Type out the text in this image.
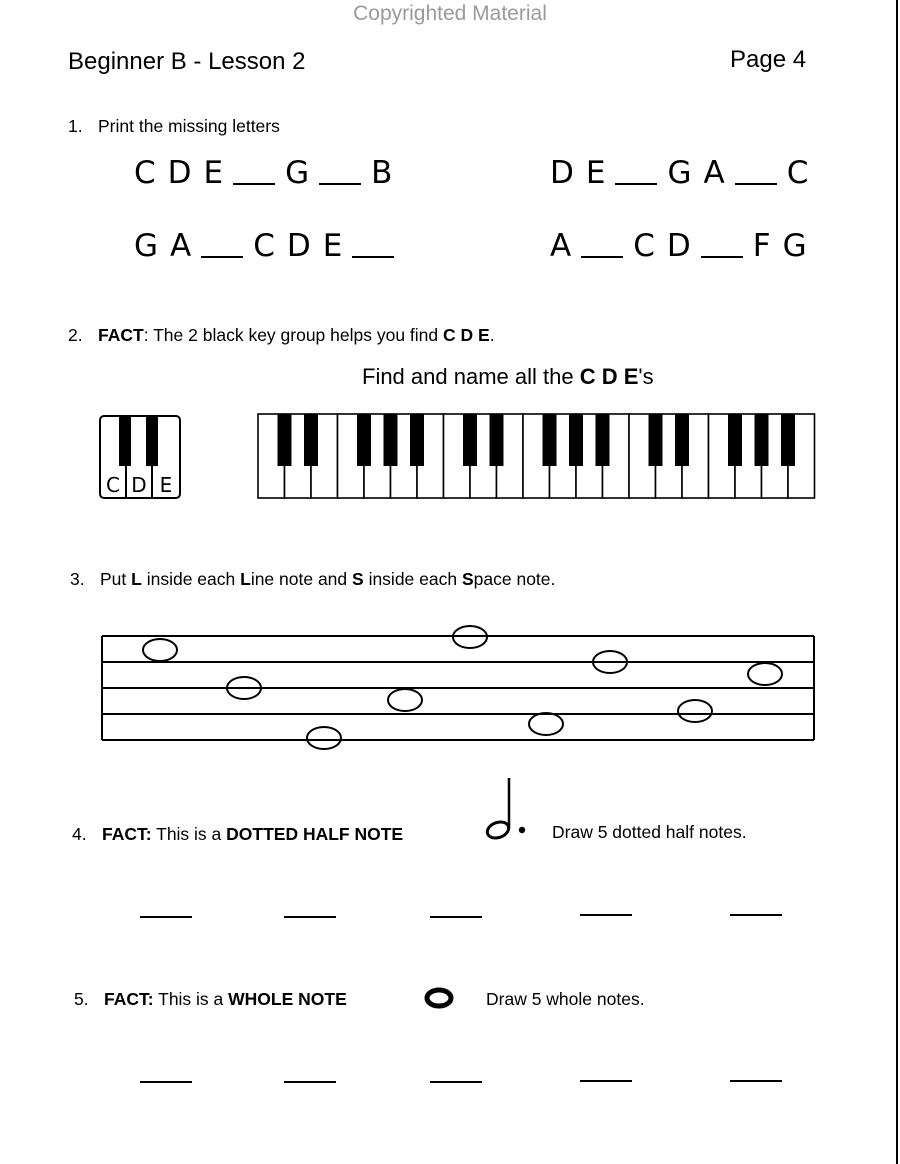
Copyrighted Material
Beginner B - Lesson 2	Page 4
1. Print the missing letters
C D E G B	D E G A C
G A C D E	A C D F G
2. FACT: The 2 black key group helps you find C D E.
Find and name all the C D E's
C D E
3. Put L inside each Line note and S inside each Space note.
4. FACT: This is a DOTTED HALF NOTE	Draw 5 dotted half notes.
5. FACT: This is a WHOLE NOTE	Draw 5 whole notes.
